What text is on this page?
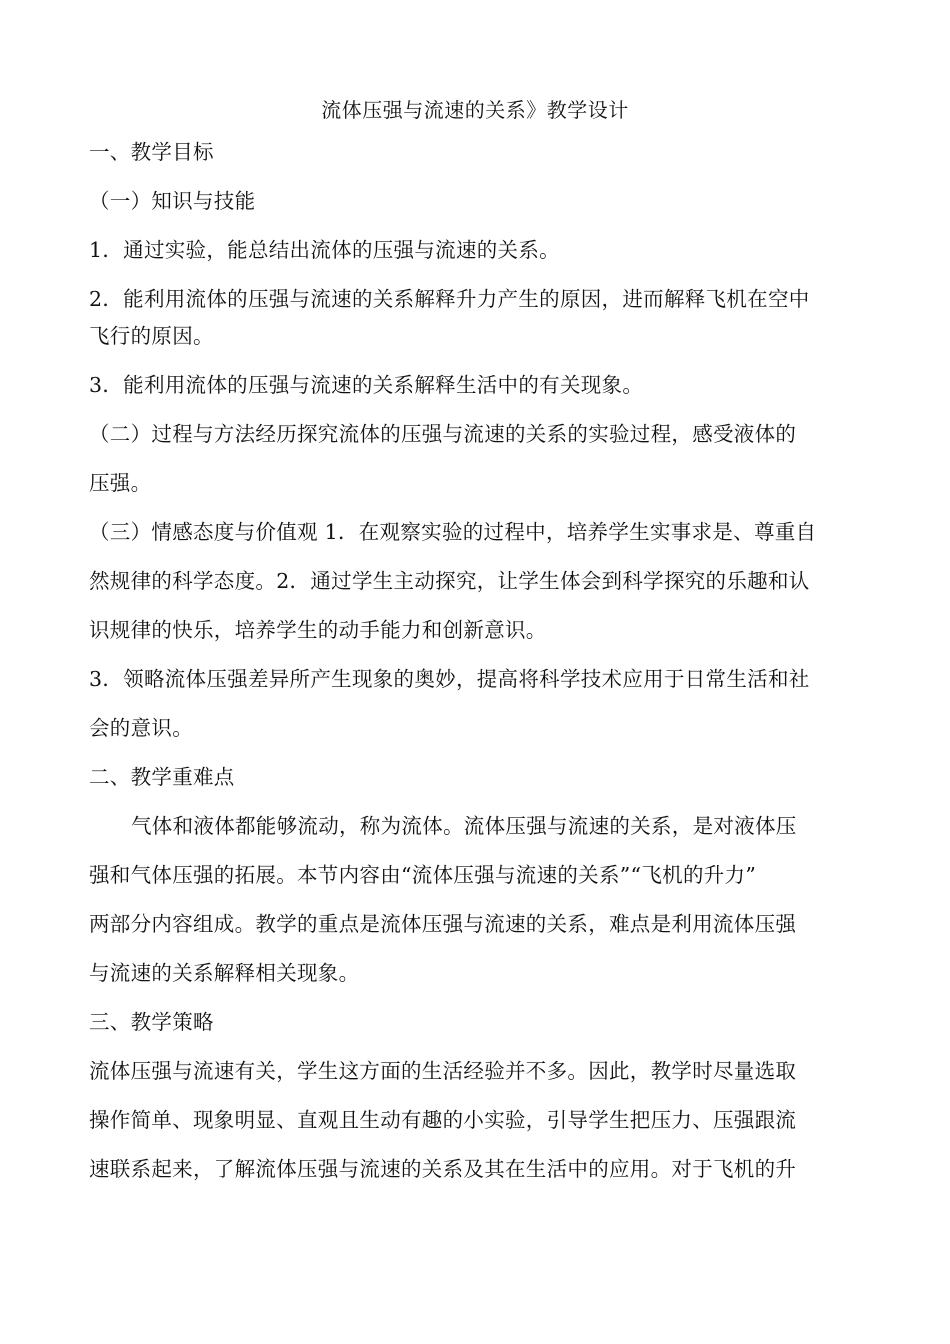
流体压强与流速的关系》教学设计

一、教学目标

（一）知识与技能

1．通过实验，能总结出流体的压强与流速的关系。

2．能利用流体的压强与流速的关系解释升力产生的原因，进而解释飞机在空中

飞行的原因。

3．能利用流体的压强与流速的关系解释生活中的有关现象。

（二）过程与方法经历探究流体的压强与流速的关系的实验过程，感受液体的

压强。

（三）情感态度与价值观 1．在观察实验的过程中，培养学生实事求是、尊重自

然规律的科学态度。2．通过学生主动探究，让学生体会到科学探究的乐趣和认

识规律的快乐，培养学生的动手能力和创新意识。

3．领略流体压强差异所产生现象的奥妙，提高将科学技术应用于日常生活和社

会的意识。

二、教学重难点

气体和液体都能够流动，称为流体。流体压强与流速的关系，是对液体压

强和气体压强的拓展。本节内容由“流体压强与流速的关系”“飞机的升力”

两部分内容组成。教学的重点是流体压强与流速的关系，难点是利用流体压强

与流速的关系解释相关现象。

三、教学策略

流体压强与流速有关，学生这方面的生活经验并不多。因此，教学时尽量选取

操作简单、现象明显、直观且生动有趣的小实验，引导学生把压力、压强跟流

速联系起来，了解流体压强与流速的关系及其在生活中的应用。对于飞机的升
